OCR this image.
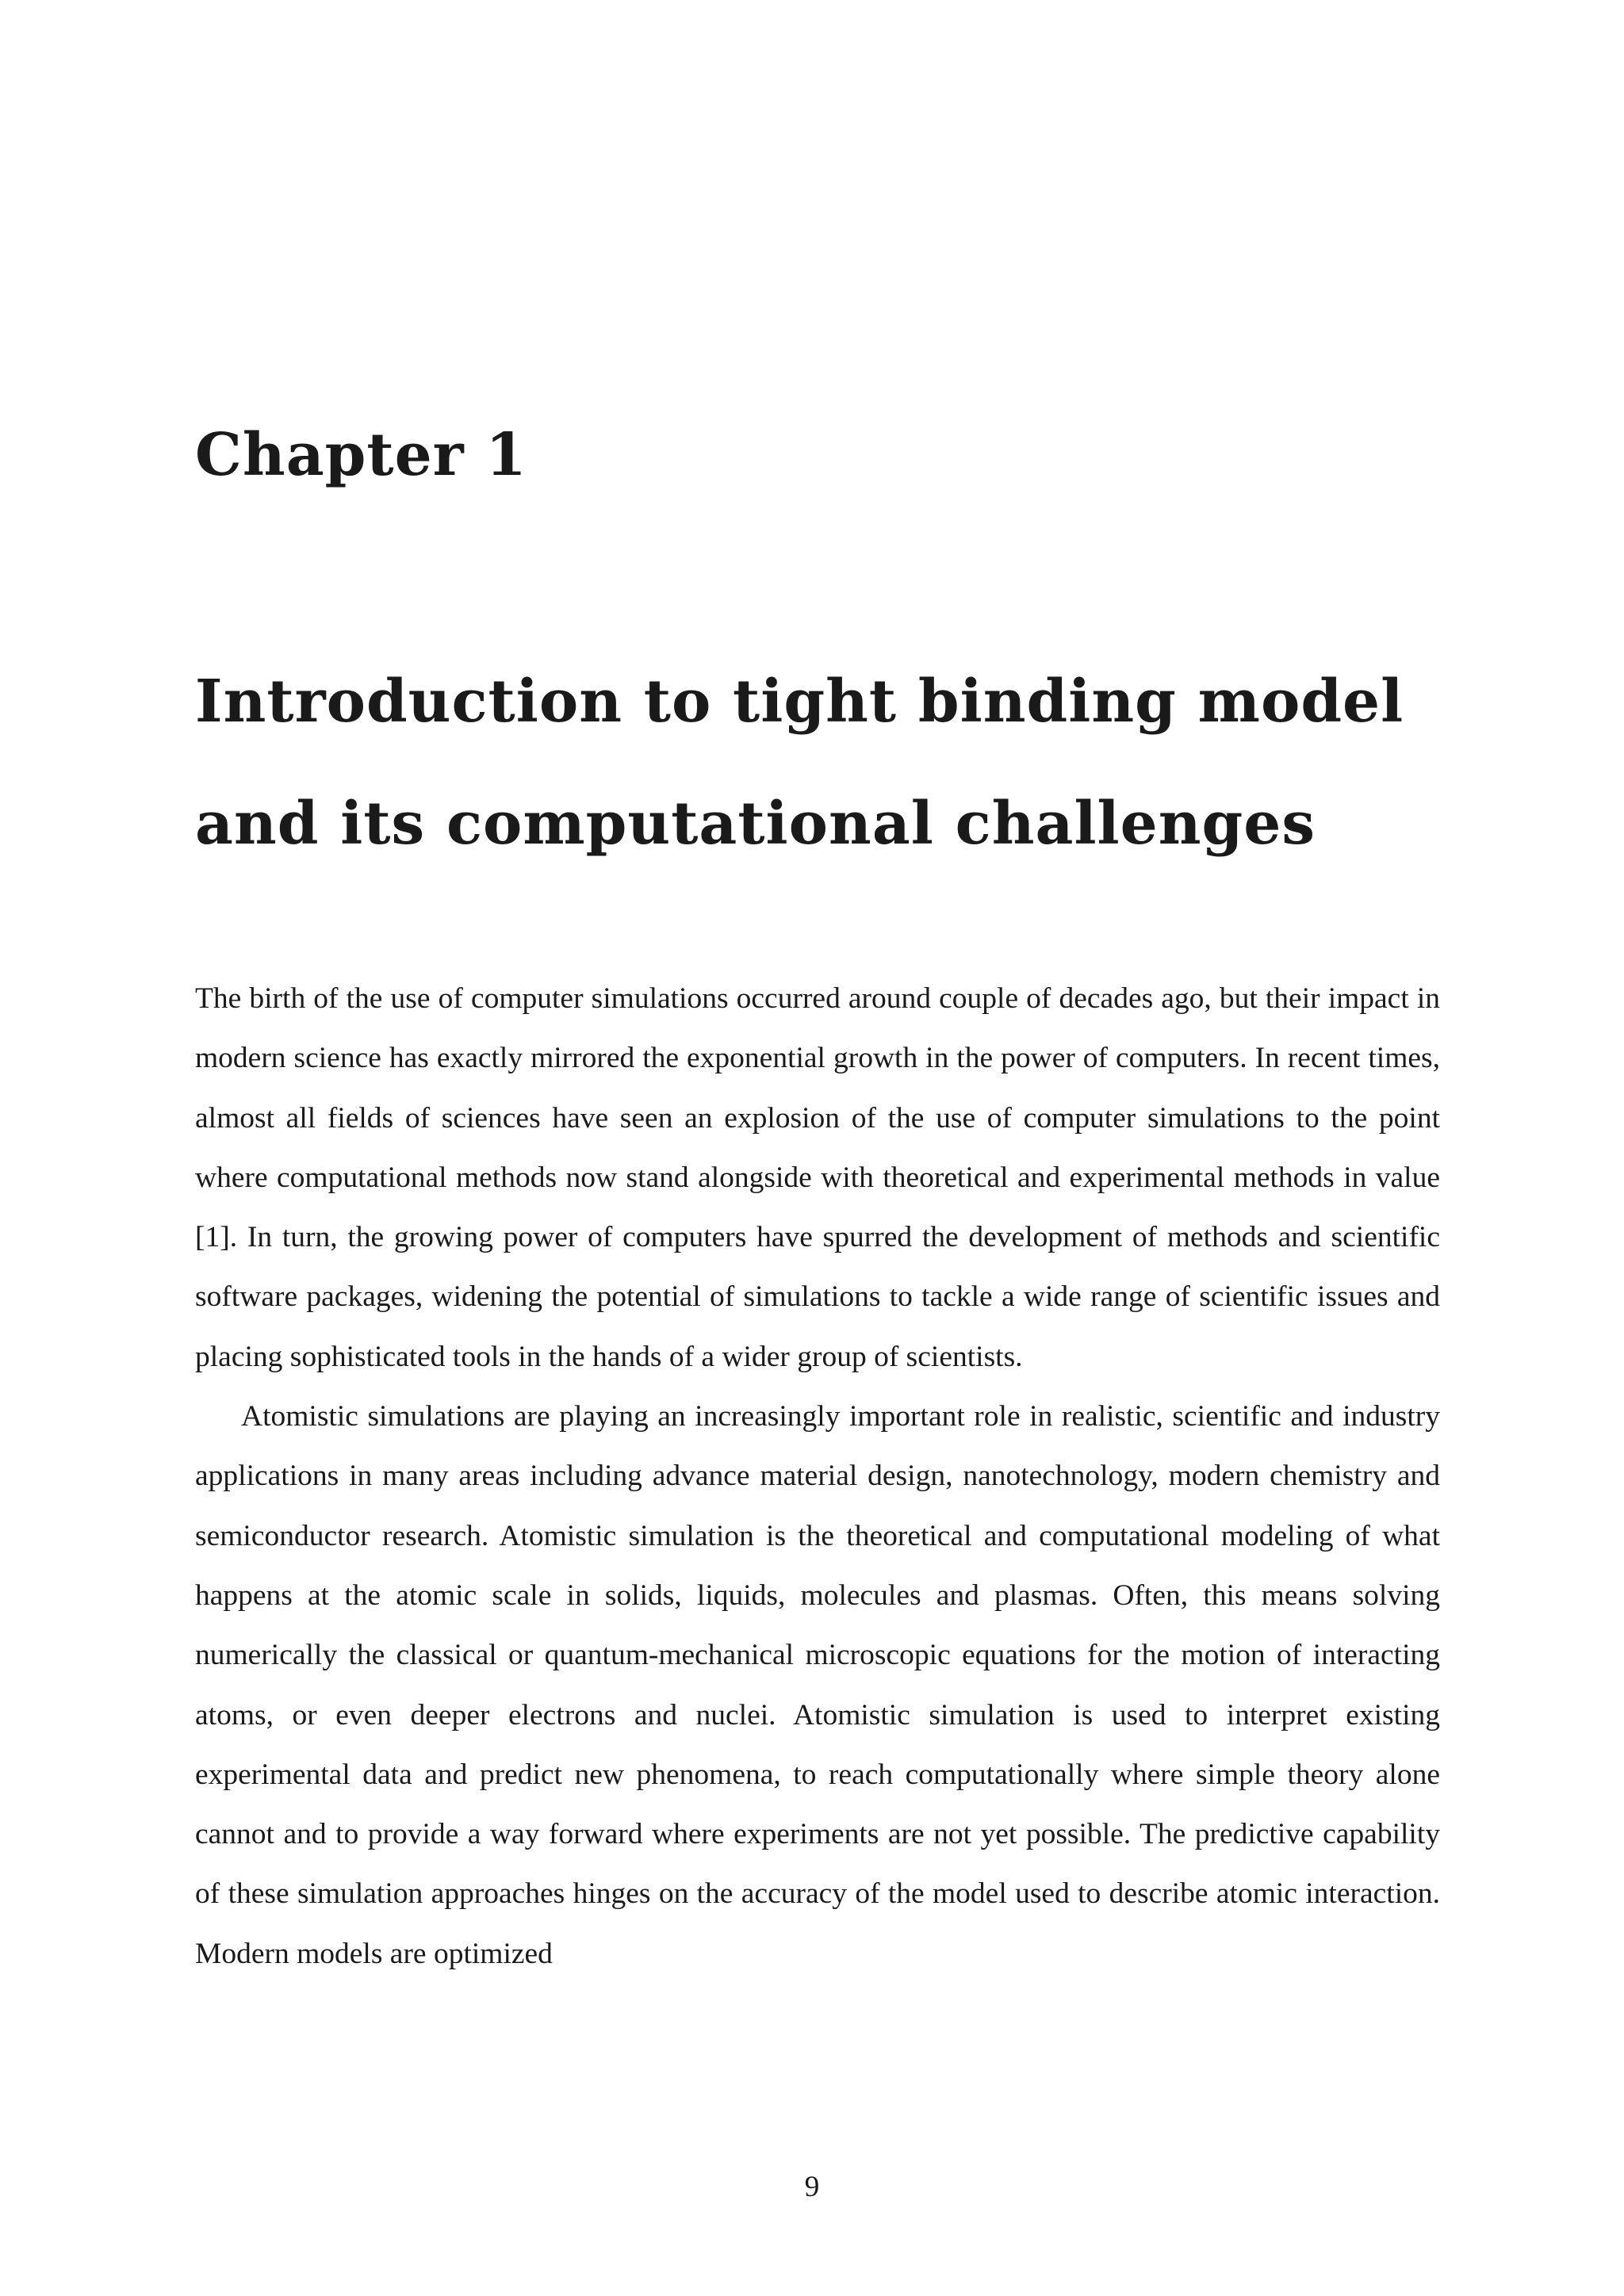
Chapter 1
Introduction to tight binding model
and its computational challenges

The birth of the use of computer simulations occurred around couple of decades ago, but their impact in modern science has exactly mirrored the exponential growth in the power of computers. In recent times, almost all fields of sciences have seen an explosion of the use of computer simulations to the point where computational methods now stand alongside with theoretical and experimental methods in value [1]. In turn, the growing power of computers have spurred the development of methods and scientific software packages, widening the potential of simulations to tackle a wide range of scientific issues and placing sophisticated tools in the hands of a wider group of scientists.

Atomistic simulations are playing an increasingly important role in realistic, scientific and industry applications in many areas including advance material design, nanotechnology, modern chemistry and semiconductor research. Atomistic simulation is the theoretical and computational modeling of what happens at the atomic scale in solids, liquids, molecules and plasmas. Often, this means solving numerically the classical or quantum-mechanical microscopic equations for the motion of interacting atoms, or even deeper electrons and nuclei. Atomistic simulation is used to interpret existing experimental data and predict new phenomena, to reach computationally where simple theory alone cannot and to provide a way forward where experiments are not yet possible. The predictive capability of these simulation approaches hinges on the accuracy of the model used to describe atomic interaction. Modern models are optimized

9
